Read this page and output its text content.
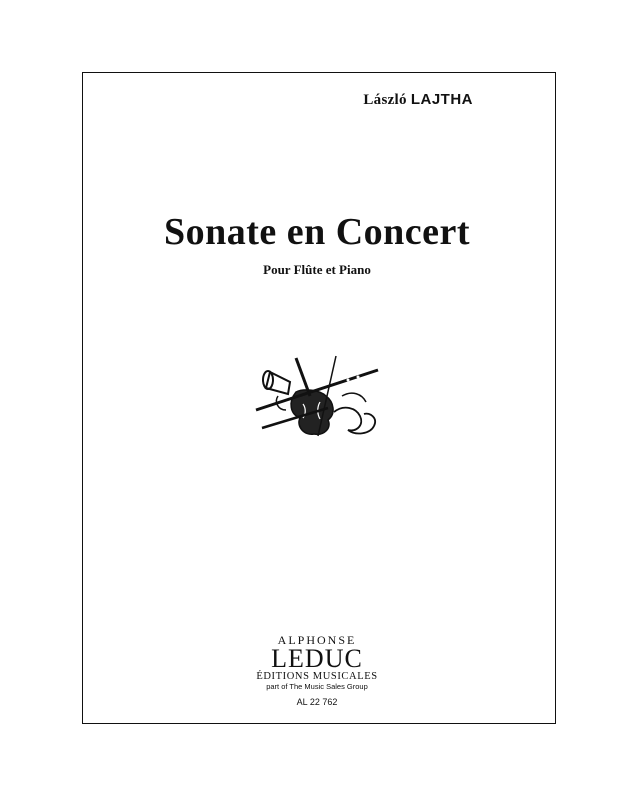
László LAJTHA
Sonate en Concert
Pour Flûte et Piano
ALPHONSE
LEDUC
ÉDITIONS MUSICALES
part of The Music Sales Group
AL 22 762
